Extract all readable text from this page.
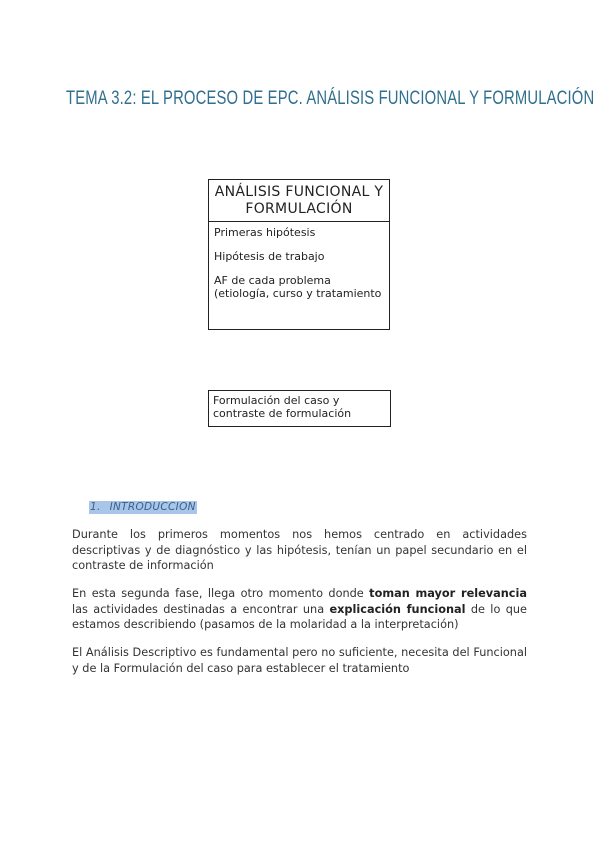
TEMA 3.2: EL PROCESO DE EPC. ANÁLISIS FUNCIONAL Y FORMULACIÓN
ANÁLISIS FUNCIONAL Y FORMULACIÓN
Primeras hipótesis
Hipótesis de trabajo
AF de cada problema (etiología, curso y tratamiento
Formulación del caso y contraste de formulación
1. INTRODUCCION
Durante los primeros momentos nos hemos centrado en actividades descriptivas y de diagnóstico y las hipótesis, tenían un papel secundario en el contraste de información
En esta segunda fase, llega otro momento donde toman mayor relevancia las actividades destinadas a encontrar una explicación funcional de lo que estamos describiendo (pasamos de la molaridad a la interpretación)
El Análisis Descriptivo es fundamental pero no suficiente, necesita del Funcional y de la Formulación del caso para establecer el tratamiento
